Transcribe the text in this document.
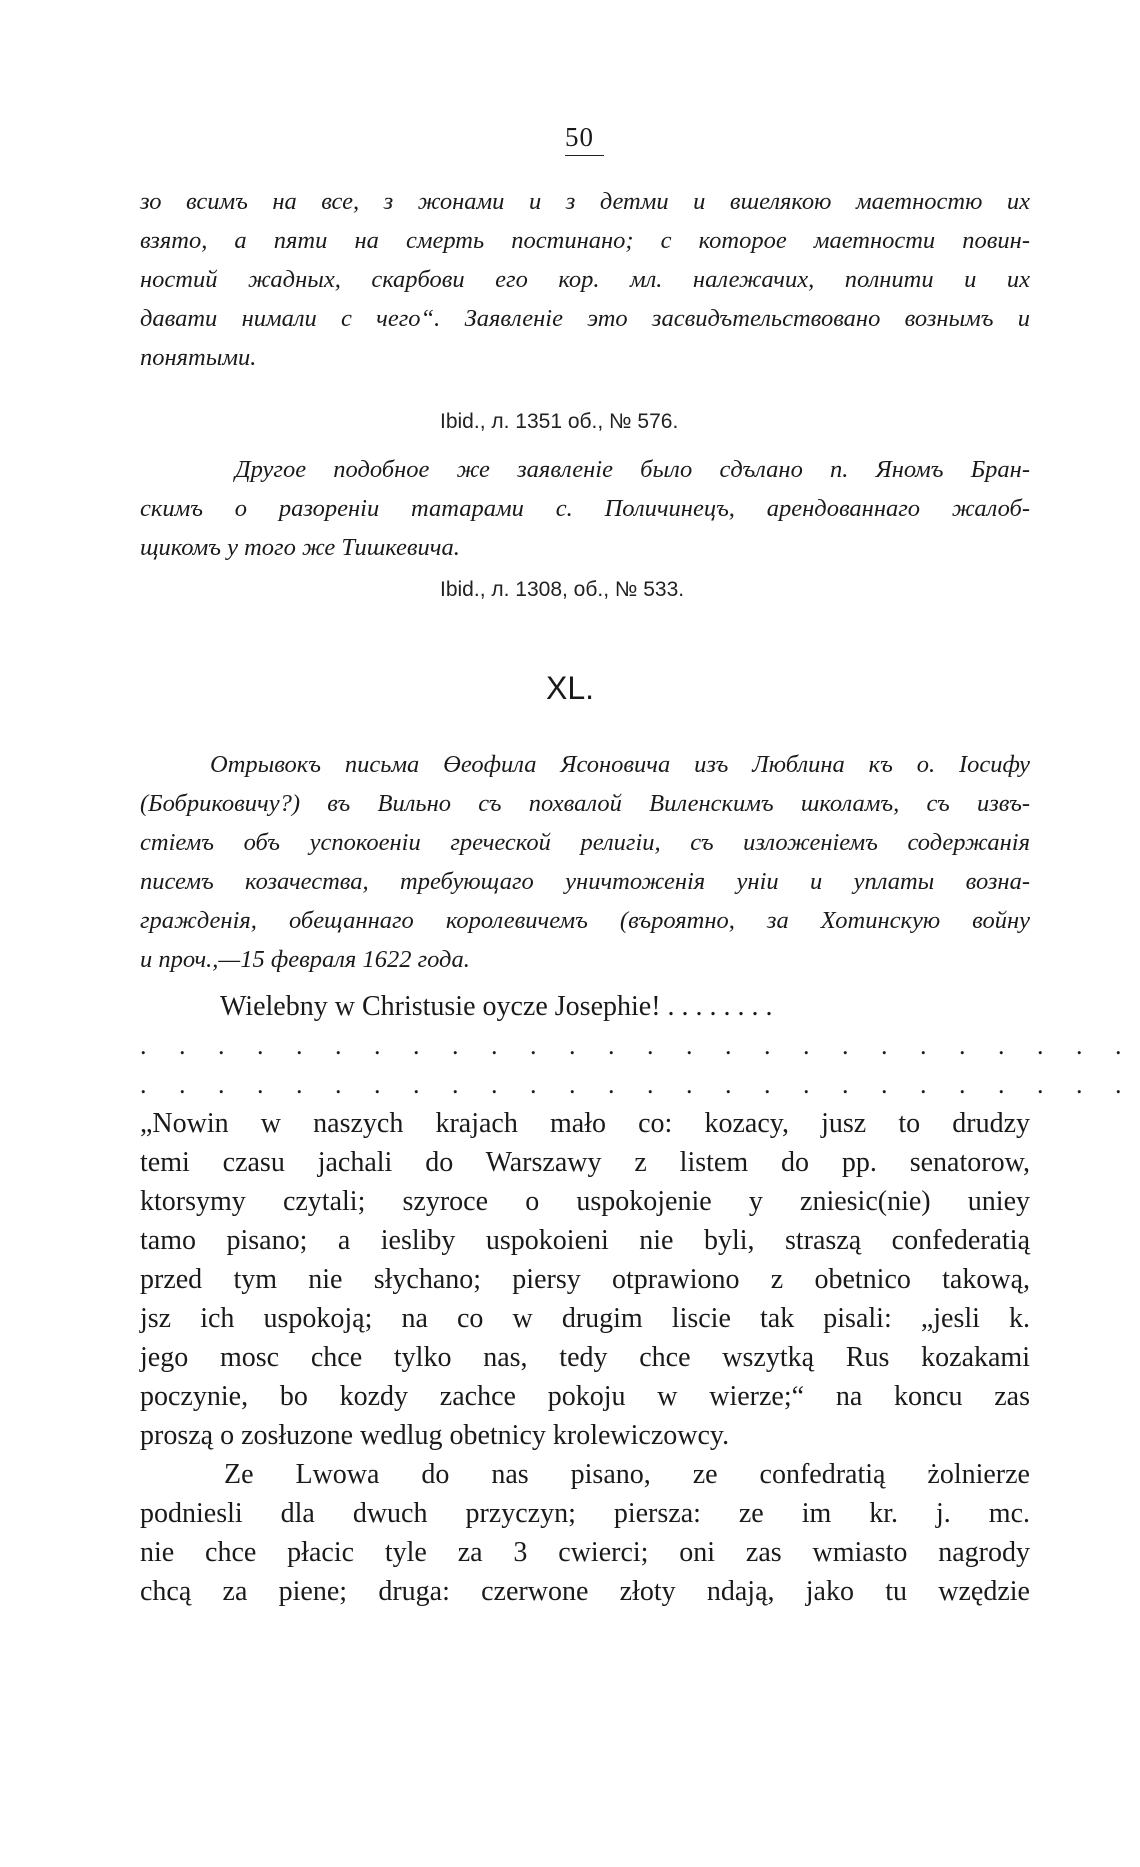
50
зо всимъ на все, з жонами и з детми и вшелякою маетностю их
взято, а пяти на смерть постинано; с которое маетности повин-
ностий жадных, скарбови его кор. мл. належачих, полнити и их
давати нимали с чего“. Заявленіе это засвидътельствовано вознымъ и
понятыми.
Ibid., л. 1351 об., № 576.
Другое подобное же заявленіе было сдълано п. Яномъ Бран-
скимъ о разореніи татарами с. Поличинецъ, арендованнаго жалоб-
щикомъ у того же Тишкевича.
Ibid., л. 1308, об., № 533.
XL.
Отрывокъ письма Өеофила Ясоновича изъ Люблина къ о. Іосифу
(Бобриковичу?) въ Вильно съ похвалой Виленскимъ школамъ, съ извъ-
стіемъ объ успокоеніи греческой религіи, съ изложеніемъ содержанія
писемъ козачества, требующаго уничтоженія уніи и уплаты возна-
гражденія, обещаннаго королевичемъ (въроятно, за Хотинскую войну
и проч.,—15 февраля 1622 года.
Wielebny w Christusie oycze Josephie! . . . . . . . .
. . . . . . . . . . . . . . . . . . . . . . . . . .
. . . . . . . . . . . . . . . . . . . . . . . . . .
„Nowin w naszych krajach mało co: kozacy, jusz to drudzy
temi czasu jachali do Warszawy z listem do pp. senatorow,
ktorsymy czytali; szyroce o uspokojenie y zniesic(nie) uniey
tamo pisano; a iesliby uspokoieni nie byli, straszą confederatią
przed tym nie słychano; piersy otprawiono z obetnico takową,
jsz ich uspokoją; na co w drugim liscie tak pisali: „jesli k.
jego mosc chce tylko nas, tedy chce wszytką Rus kozakami
poczynie, bo kozdy zachce pokoju w wierze;“ na koncu zas
proszą o zosłuzone wedlug obetnicy krolewiczowcy.
Ze Lwowa do nas pisano, ze confedratią żolnierze
podniesli dla dwuch przyczyn; piersza: ze im kr. j. mc.
nie chce płacic tyle za 3 cwierci; oni zas wmiasto nagrody
chcą za piene; druga: czerwone złoty ndają, jako tu wzędzie
